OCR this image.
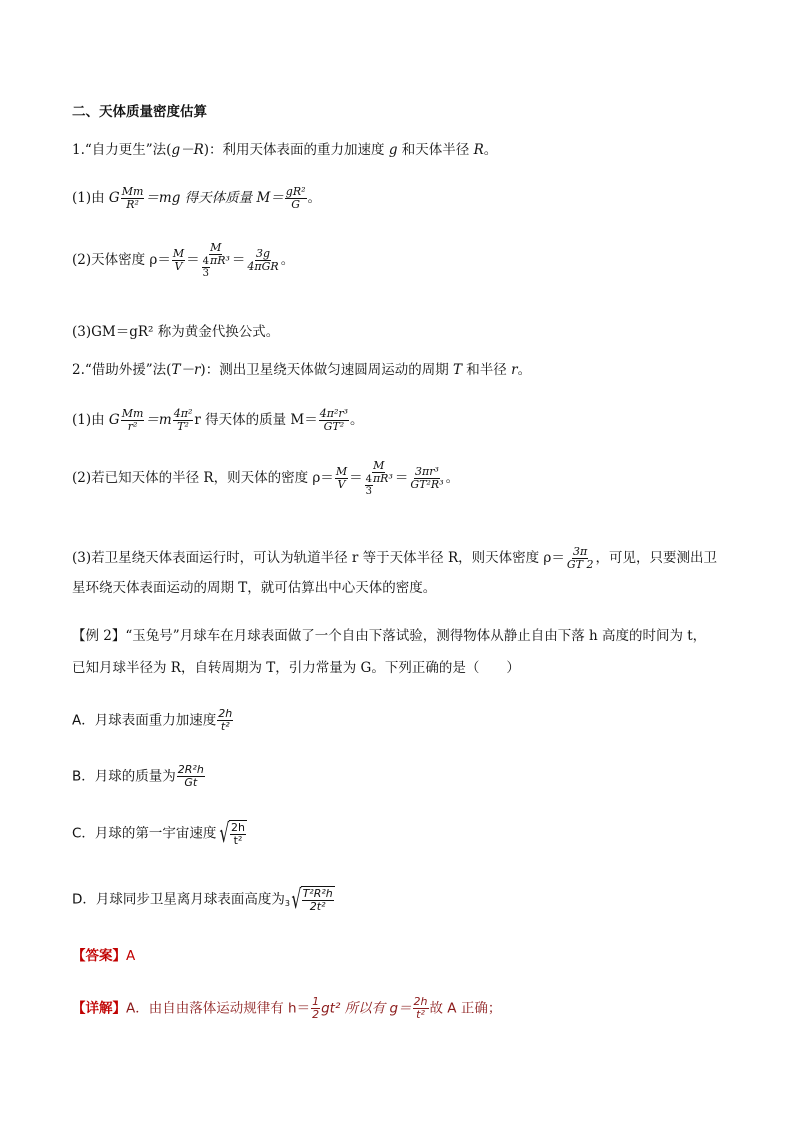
二、天体质量密度估算
1.“自力更生”法(g－R)：利用天体表面的重力加速度 g 和天体半径 R。
(1)由 G $\frac{Mm}{\text{R²}} =mg$ 得天体质量 $M= \frac{\text{gR²}}{G}$ 。
(2)天体密度 $\rho= \frac{M}{V} = \frac{M}{\frac{4}{3} \pi R^3} = \frac{3g}{\text{4πGR}}$ 。
(3)GM＝gR² 称为黄金代换公式。
2.“借助外援”法(T－r)：测出卫星绕天体做匀速圆周运动的周期 T 和半径 r。
(1)由 G $\frac{Mm}{\text{r²}} =m \frac{\text{4π²}}{\text{T²}}$ r 得天体的质量 $M= \frac{\text{4π²r³}}{\text{GT²}}$ 。
(2)若已知天体的半径 R，则天体的密度 $\rho= \frac{M}{V} = \frac{M}{\frac{4}{3} \pi R^3} = \frac{\text{3πr³}}{\text{GT²R³}}$ 。
(3)若卫星绕天体表面运行时，可认为轨道半径 r 等于天体半径 R，则天体密度 $\rho= \frac{3\pi}{GT 2}$ ，可见，只要测出卫
星环绕天体表面运动的周期 T，就可估算出中心天体的密度。
【例 2】“玉兔号”月球车在月球表面做了一个自由下落试验，测得物体从静止自由下落 h 高度的时间为 t，
已知月球半径为 R，自转周期为 T，引力常量为 G。下列正确的是（　　）
A．月球表面重力加速度 $\frac{2h}{\text{t²}}$
B．月球的质量为 $\frac{\text{2R²h}}{Gt}$
C．月球的第一宇宙速度 √ $\frac{2h}{\text{t²}}$
D．月球同步卫星离月球表面高度为 3 √ $\frac{\text{T²R²h}}{\text{2t²}}$
【答案】A
【详解】A．由自由落体运动规律有 $h= \frac{1}{2} gt^2$ 所以有 $g= \frac{2h}{\text{t²}}$ 故 A 正确；
